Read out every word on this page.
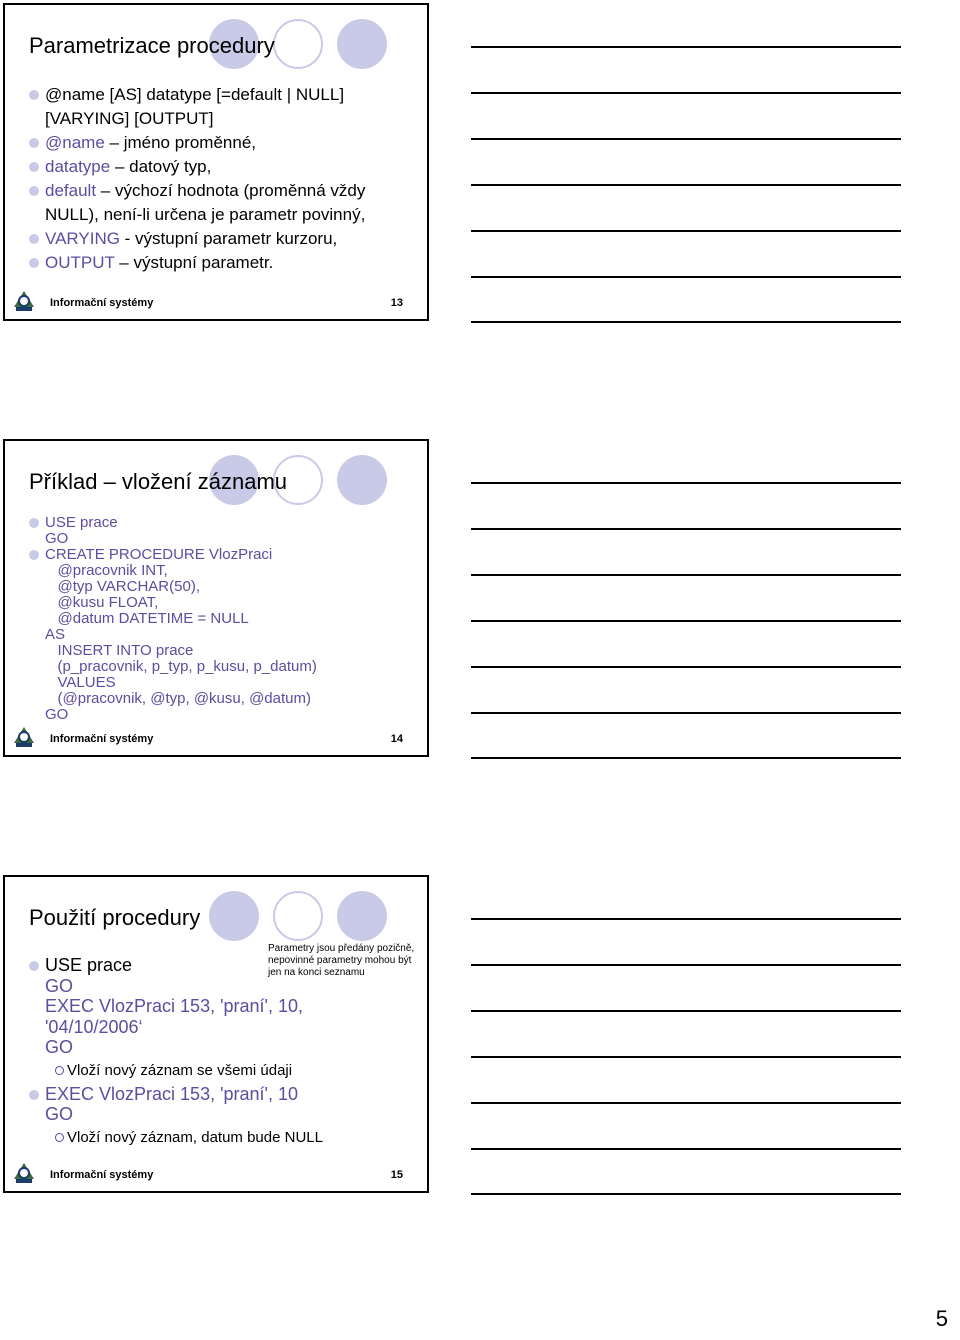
Parametrizace procedury
@name [AS] datatype [=default | NULL]
[VARYING] [OUTPUT]
@name – jméno proměnné,
datatype – datový typ,
default – výchozí hodnota (proměnná vždy
NULL), není-li určena je parametr povinný,
VARYING - výstupní parametr kurzoru,
OUTPUT – výstupní parametr.
Informační systémy	13
Příklad – vložení záznamu
USE prace
GO
CREATE PROCEDURE VlozPraci
@pracovnik INT,
@typ VARCHAR(50),
@kusu FLOAT,
@datum DATETIME = NULL
AS
INSERT INTO prace
(p_pracovnik, p_typ, p_kusu, p_datum)
VALUES
(@pracovnik, @typ, @kusu, @datum)
GO
Informační systémy	14
Použití procedury
Parametry jsou předány pozičně, nepovinné parametry mohou být jen na konci seznamu
USE prace
GO
EXEC VlozPraci 153, 'praní', 10,
'04/10/2006‘
GO
Vloží nový záznam se všemi údaji
EXEC VlozPraci 153, 'praní', 10
GO
Vloží nový záznam, datum bude NULL
Informační systémy	15
5
